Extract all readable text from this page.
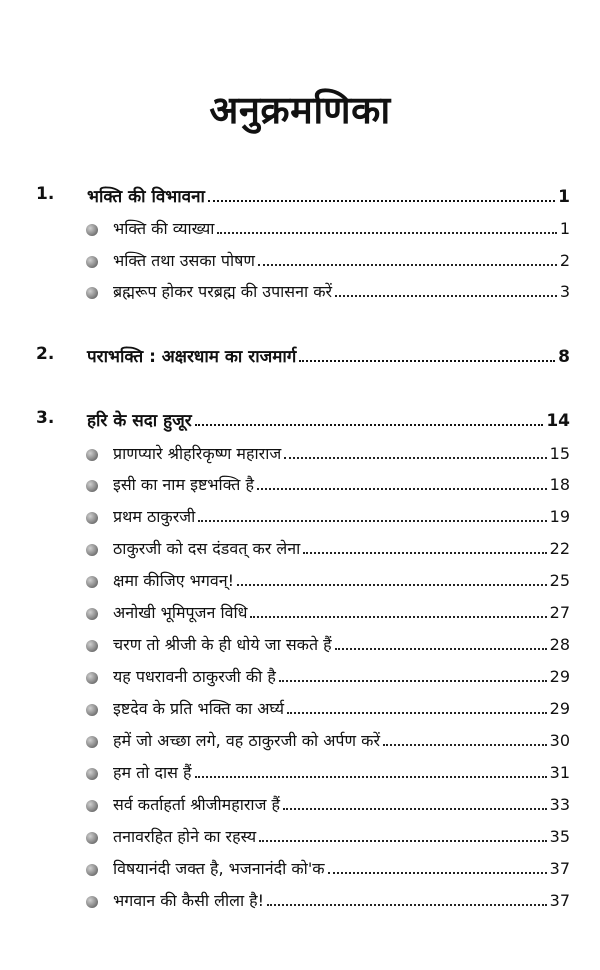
अनुक्रमणिका
1. भक्ति की विभावना	1
भक्ति की व्याख्या	1
भक्ति तथा उसका पोषण	2
ब्रह्मरूप होकर परब्रह्म की उपासना करें	3
2. पराभक्ति : अक्षरधाम का राजमार्ग	8
3. हरि के सदा हुजूर	14
प्राणप्यारे श्रीहरिकृष्ण महाराज	15
इसी का नाम इष्टभक्ति है	18
प्रथम ठाकुरजी	19
ठाकुरजी को दस दंडवत् कर लेना	22
क्षमा कीजिए भगवन्!	25
अनोखी भूमिपूजन विधि	27
चरण तो श्रीजी के ही धोये जा सकते हैं	28
यह पधरावनी ठाकुरजी की है	29
इष्टदेव के प्रति भक्ति का अर्घ्य	29
हमें जो अच्छा लगे, वह ठाकुरजी को अर्पण करें	30
हम तो दास हैं	31
सर्व कर्ताहर्ता श्रीजीमहाराज हैं	33
तनावरहित होने का रहस्य	35
विषयानंदी जक्त है, भजनानंदी को'क	37
भगवान की कैसी लीला है!	37
